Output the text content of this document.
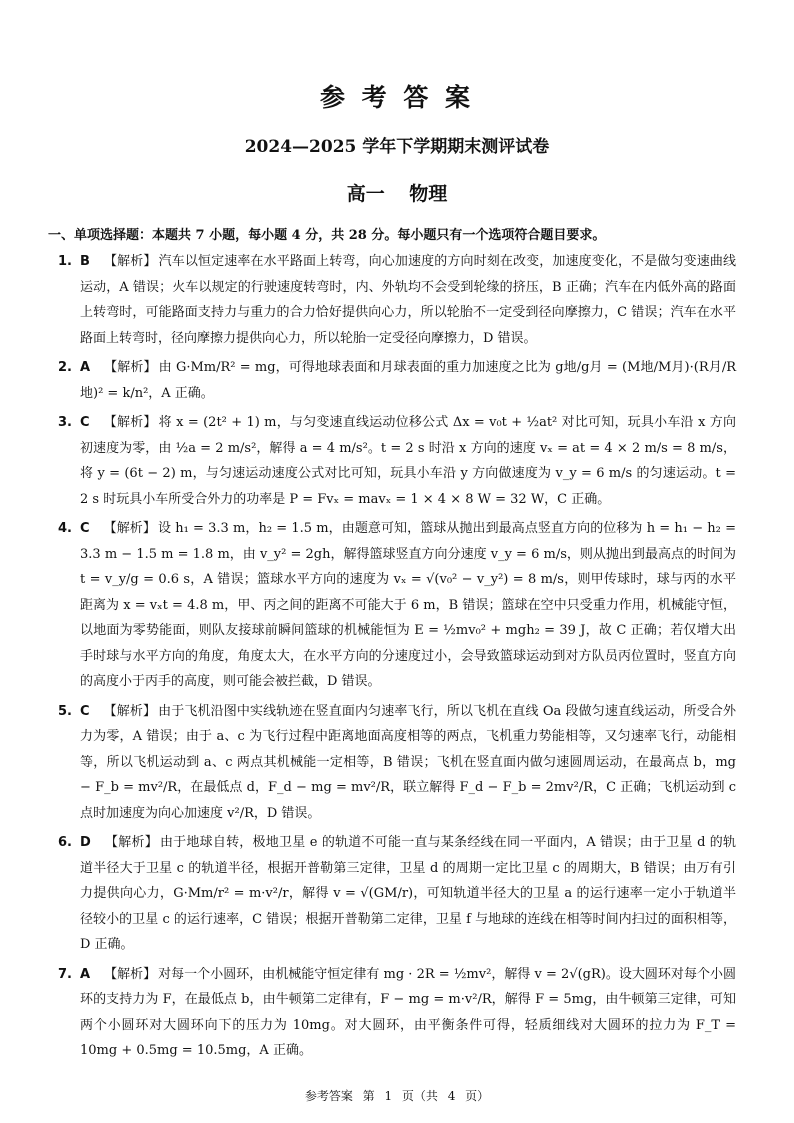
参 考 答 案
2024—2025 学年下学期期末测评试卷
高一 物理
一、单项选择题：本题共 7 小题，每小题 4 分，共 28 分。每小题只有一个选项符合题目要求。
1. B 【解析】 汽车以恒定速率在水平路面上转弯，向心加速度的方向时刻在改变，加速度变化，不是做匀变速曲线运动，A 错误；火车以规定的行驶速度转弯时，内、外轨均不会受到轮缘的挤压，B 正确；汽车在内低外高的路面上转弯时，可能路面支持力与重力的合力恰好提供向心力，所以轮胎不一定受到径向摩擦力，C 错误；汽车在水平路面上转弯时，径向摩擦力提供向心力，所以轮胎一定受径向摩擦力，D 错误。
2. A 【解析】 由 G·Mm/R² = mg，可得地球表面和月球表面的重力加速度之比为 g地/g月 = (M地/M月)·(R月/R地)² = k/n²，A 正确。
3. C 【解析】 将 x = (2t² + 1) m，与匀变速直线运动位移公式 Δx = v₀t + ½at² 对比可知，玩具小车沿 x 方向初速度为零，由 ½a = 2 m/s²，解得 a = 4 m/s²。t = 2 s 时沿 x 方向的速度 vₓ = at = 4 × 2 m/s = 8 m/s，将 y = (6t − 2) m，与匀速运动速度公式对比可知，玩具小车沿 y 方向做速度为 v_y = 6 m/s 的匀速运动。t = 2 s 时玩具小车所受合外力的功率是 P = Fvₓ = mavₓ = 1 × 4 × 8 W = 32 W，C 正确。
4. C 【解析】 设 h₁ = 3.3 m，h₂ = 1.5 m，由题意可知，篮球从抛出到最高点竖直方向的位移为 h = h₁ − h₂ = 3.3 m − 1.5 m = 1.8 m，由 v_y² = 2gh，解得篮球竖直方向分速度 v_y = 6 m/s，则从抛出到最高点的时间为 t = v_y/g = 0.6 s，A 错误；篮球水平方向的速度为 vₓ = √(v₀² − v_y²) = 8 m/s，则甲传球时，球与丙的水平距离为 x = vₓt = 4.8 m，甲、丙之间的距离不可能大于 6 m，B 错误；篮球在空中只受重力作用，机械能守恒，以地面为零势能面，则队友接球前瞬间篮球的机械能恒为 E = ½mv₀² + mgh₂ = 39 J，故 C 正确；若仅增大出手时球与水平方向的角度，角度太大，在水平方向的分速度过小，会导致篮球运动到对方队员丙位置时，竖直方向的高度小于丙手的高度，则可能会被拦截，D 错误。
5. C 【解析】 由于飞机沿图中实线轨迹在竖直面内匀速率飞行，所以飞机在直线 Oa 段做匀速直线运动，所受合外力为零，A 错误；由于 a、c 为飞行过程中距离地面高度相等的两点，飞机重力势能相等，又匀速率飞行，动能相等，所以飞机运动到 a、c 两点其机械能一定相等，B 错误；飞机在竖直面内做匀速圆周运动，在最高点 b，mg − F_b = mv²/R，在最低点 d，F_d − mg = mv²/R，联立解得 F_d − F_b = 2mv²/R，C 正确；飞机运动到 c 点时加速度为向心加速度 v²/R，D 错误。
6. D 【解析】 由于地球自转，极地卫星 e 的轨道不可能一直与某条经线在同一平面内，A 错误；由于卫星 d 的轨道半径大于卫星 c 的轨道半径，根据开普勒第三定律，卫星 d 的周期一定比卫星 c 的周期大，B 错误；由万有引力提供向心力，G·Mm/r² = m·v²/r，解得 v = √(GM/r)，可知轨道半径大的卫星 a 的运行速率一定小于轨道半径较小的卫星 c 的运行速率，C 错误；根据开普勒第二定律，卫星 f 与地球的连线在相等时间内扫过的面积相等，D 正确。
7. A 【解析】 对每一个小圆环，由机械能守恒定律有 mg · 2R = ½mv²，解得 v = 2√(gR)。设大圆环对每个小圆环的支持力为 F，在最低点 b，由牛顿第二定律有，F − mg = m·v²/R，解得 F = 5mg，由牛顿第三定律，可知两个小圆环对大圆环向下的压力为 10mg。对大圆环，由平衡条件可得，轻质细线对大圆环的拉力为 F_T = 10mg + 0.5mg = 10.5mg，A 正确。
参考答案 第 1 页（共 4 页）
